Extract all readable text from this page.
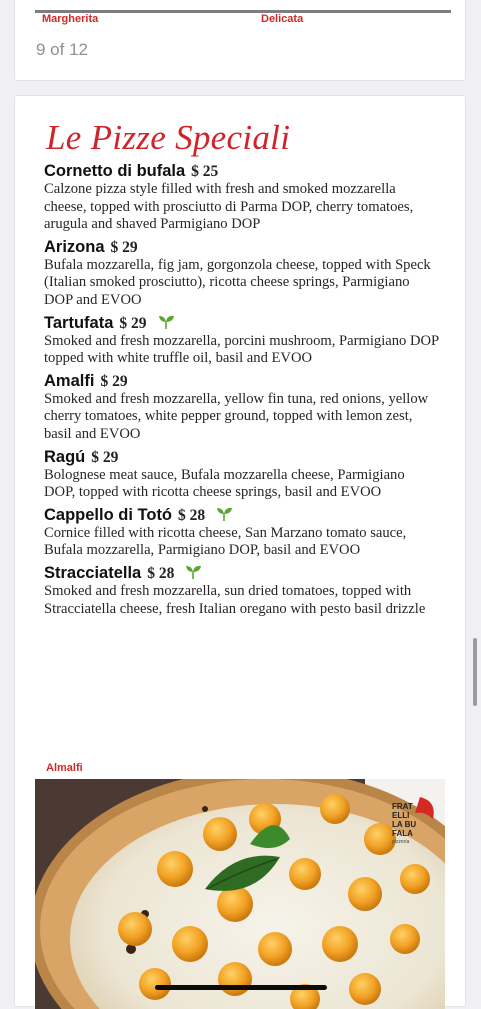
Margherita	Delicata
9 of 12
Le Pizze Speciali
Cornetto di bufala $ 25
Calzone pizza style filled with fresh and smoked mozzarella cheese, topped with prosciutto di Parma DOP, cherry tomatoes, arugula and shaved Parmigiano DOP
Arizona $ 29
Bufala mozzarella, fig jam, gorgonzola cheese, topped with Speck (Italian smoked prosciutto), ricotta cheese springs, Parmigiano DOP and EVOO
Tartufata $ 29
Smoked and fresh mozzarella, porcini mushroom, Parmigiano DOP topped with white truffle oil, basil and EVOO
Amalfi $ 29
Smoked and fresh mozzarella, yellow fin tuna, red onions, yellow cherry tomatoes, white pepper ground, topped with lemon zest, basil and EVOO
Ragú $ 29
Bolognese meat sauce, Bufala mozzarella cheese, Parmigiano DOP, topped with ricotta cheese springs, basil and EVOO
Cappello di Totó $ 28
Cornice filled with ricotta cheese, San Marzano tomato sauce, Bufala mozzarella, Parmigiano DOP, basil and EVOO
Stracciatella $ 28
Smoked and fresh mozzarella, sun dried tomatoes, topped with Stracciatella cheese, fresh Italian oregano with pesto basil drizzle
Almalfi
FRAT
ELLI
LA BU
FALA
pizzeria
